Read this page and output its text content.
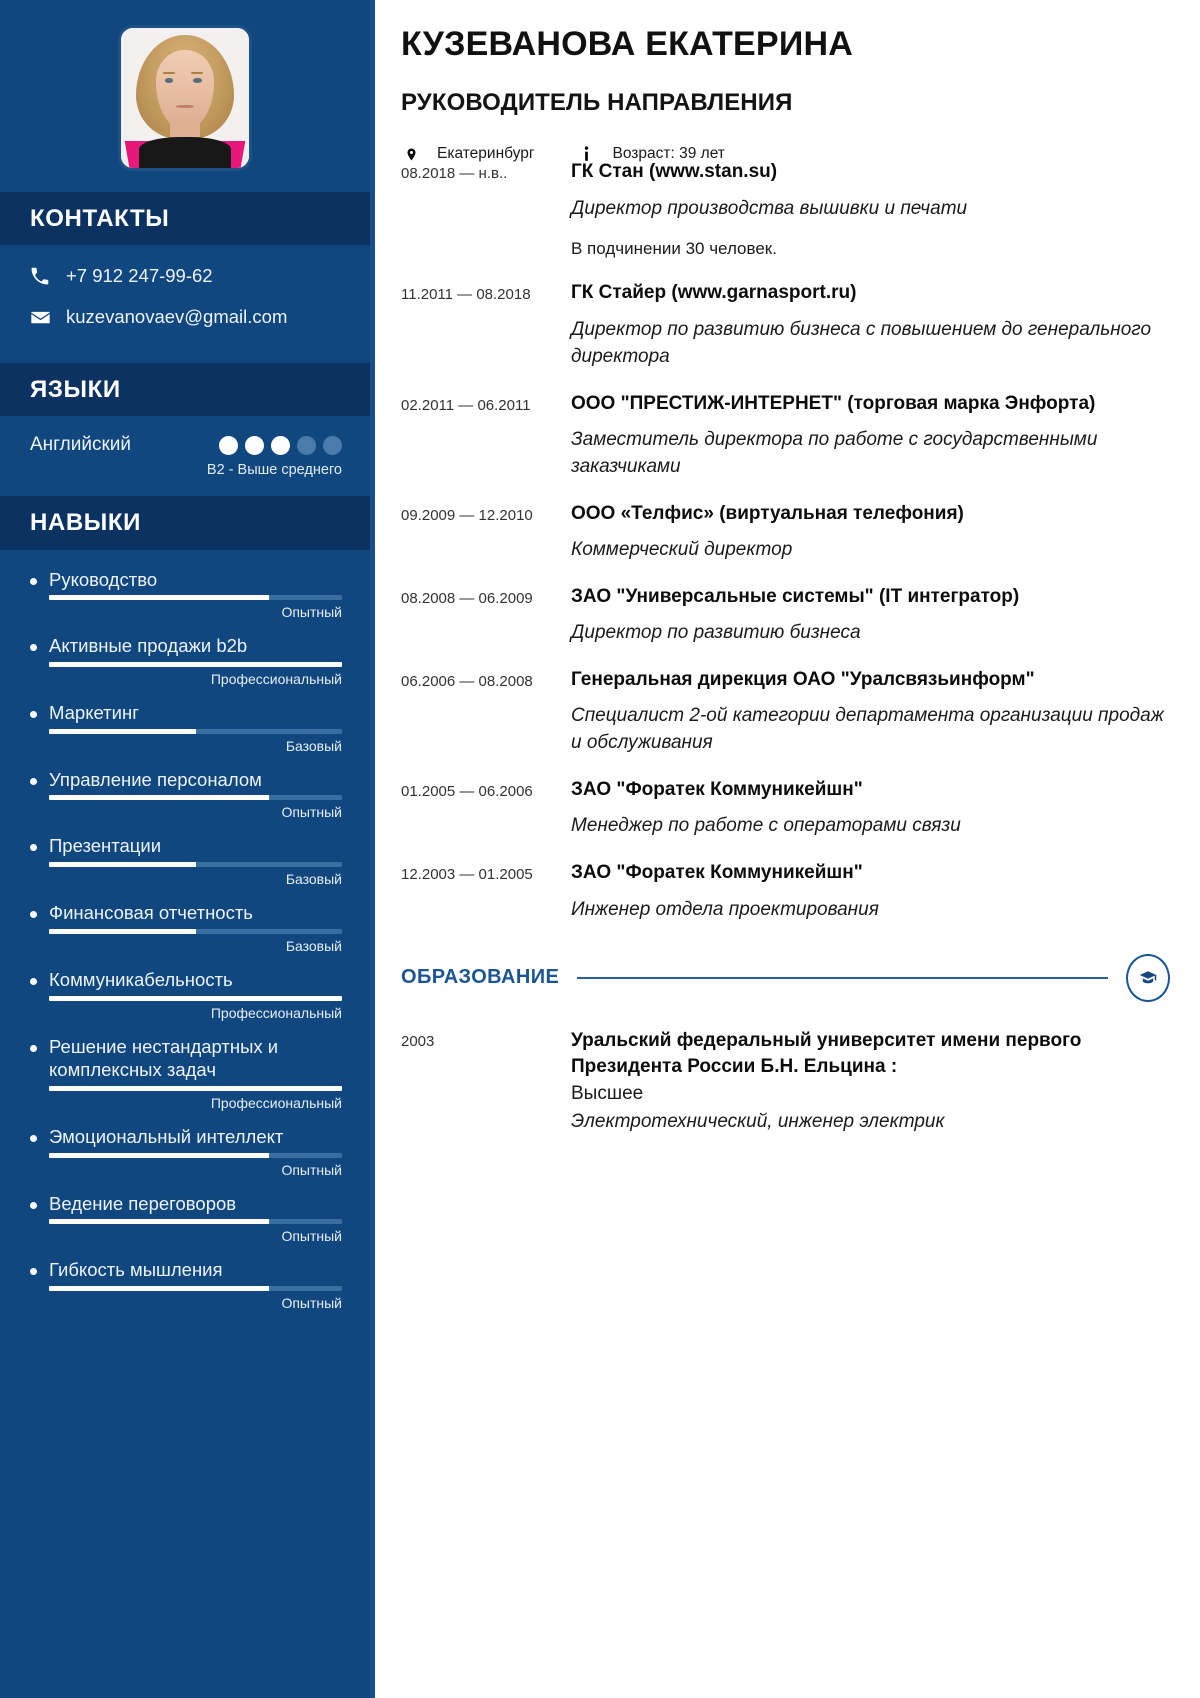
КОНТАКТЫ
+7 912 247-99-62
kuzevanovaev@gmail.com
ЯЗЫКИ
Английский
B2 - Выше среднего
НАВЫКИ
Руководство
Опытный
Активные продажи b2b
Профессиональный
Маркетинг
Базовый
Управление персоналом
Опытный
Презентации
Базовый
Финансовая отчетность
Базовый
Коммуникабельность
Профессиональный
Решение нестандартных и комплексных задач
Профессиональный
Эмоциональный интеллект
Опытный
Ведение переговоров
Опытный
Гибкость мышления
Опытный
КУЗЕВАНОВА ЕКАТЕРИНА
РУКОВОДИТЕЛЬ НАПРАВЛЕНИЯ
Екатеринбург	Возраст: 39 лет
08.2018 — н.в..	ГК Стан (www.stan.su)
Директор производства вышивки и печати
В подчинении 30 человек.
11.2011 — 08.2018	ГК Стайер (www.garnasport.ru)
Директор по развитию бизнеса с повышением до генерального директора
02.2011 — 06.2011	ООО "ПРЕСТИЖ-ИНТЕРНЕТ" (торговая марка Энфорта)
Заместитель директора по работе с государственными заказчиками
09.2009 — 12.2010	ООО «Телфис» (виртуальная телефония)
Коммерческий директор
08.2008 — 06.2009	ЗАО "Универсальные системы" (IT интегратор)
Директор по развитию бизнеса
06.2006 — 08.2008	Генеральная дирекция ОАО "Уралсвязьинформ"
Специалист 2-ой категории департамента организации продаж и обслуживания
01.2005 — 06.2006	ЗАО "Форатек Коммуникейшн"
Менеджер по работе с операторами связи
12.2003 — 01.2005	ЗАО "Форатек Коммуникейшн"
Инженер отдела проектирования
ОБРАЗОВАНИЕ
2003	Уральский федеральный университет имени первого Президента России Б.Н. Ельцина :
Высшее
Электротехнический, инженер электрик
